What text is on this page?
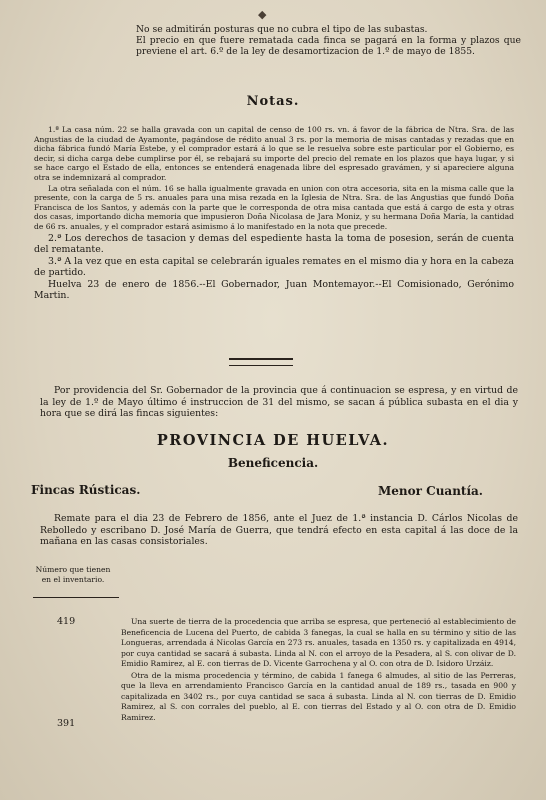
◆

No se admitirán posturas que no cubra el tipo de las subastas.

El precio en que fuere rematada cada finca se pagará en la forma y plazos que previene el art. 6.º de la ley de desamortizacion de 1.º de mayo de 1855.

Notas.

1.ª La casa núm. 22 se halla gravada con un capital de censo de 100 rs. vn. á favor de la fábrica de Ntra. Sra. de las Angustias de la ciudad de Ayamonte, pagándose de rédito anual 3 rs. por la memoria de misas cantadas y rezadas que en dicha fábrica fundó María Estebe, y el comprador estará á lo que se le resuelva sobre este particular por el Gobierno, es decir, si dicha carga debe cumplirse por él, se rebajará su importe del precio del remate en los plazos que haya lugar, y si se hace cargo el Estado de ella, entonces se entenderá enagenada libre del espresado gravámen, y si apareciere alguna otra se indemnizará al comprador.

La otra señalada con el núm. 16 se halla igualmente gravada en union con otra accesoria, sita en la misma calle que la presente, con la carga de 5 rs. anuales para una misa rezada en la Iglesia de Ntra. Sra. de las Angustias que fundó Doña Francisca de los Santos, y además con la parte que le corresponda de otra misa cantada que está á cargo de esta y otras dos casas, importando dicha memoria que impusieron Doña Nicolasa de Jara Moniz, y su hermana Doña María, la cantidad de 66 rs. anuales, y el comprador estará asimismo á lo manifestado en la nota que precede.

2.ª Los derechos de tasacion y demas del espediente hasta la toma de posesion, serán de cuenta del rematante.

3.ª A la vez que en esta capital se celebrarán iguales remates en el mismo dia y hora en la cabeza de partido.

Huelva 23 de enero de 1856.--El Gobernador, Juan Montemayor.--El Comisionado, Gerónimo Martin.

Por providencia del Sr. Gobernador de la provincia que á continuacion se espresa, y en virtud de la ley de 1.º de Mayo último é instruccion de 31 del mismo, se sacan á pública subasta en el dia y hora que se dirá las fincas siguientes:

PROVINCIA DE HUELVA.
Beneficencia.
Fincas Rústicas.	Menor Cuantía.

Remate para el dia 23 de Febrero de 1856, ante el Juez de 1.ª instancia D. Cárlos Nicolas de Rebolledo y escribano D. José María de Guerra, que tendrá efecto en esta capital á las doce de la mañana en las casas consistoriales.

Número que tienen en el inventario.
419	Una suerte de tierra de la procedencia que arriba se espresa, que perteneció al establecimiento de Beneficencia de Lucena del Puerto, de cabida 3 fanegas, la cual se halla en su término y sitio de las Longueras, arrendada á Nicolas García en 273 rs. anuales, tasada en 1350 rs. y capitalizada en 4914, por cuya cantidad se sacará á subasta. Linda al N. con el arroyo de la Pesadera, al S. con olivar de D. Emidio Ramirez, al E. con tierras de D. Vicente Garrochena y al O. con otra de D. Isidoro Urzáiz.
391
Otra de la misma procedencia y término, de cabida 1 fanega 6 almudes, al sitio de las Perreras, que la lleva en arrendamiento Francisco García en la cantidad anual de 189 rs., tasada en 900 y capitalizada en 3402 rs., por cuya cantidad se saca á subasta. Linda al N. con tierras de D. Emidio Ramirez, al S. con corrales del pueblo, al E. con tierras del Estado y al O. con otra de D. Emidio Ramirez.
